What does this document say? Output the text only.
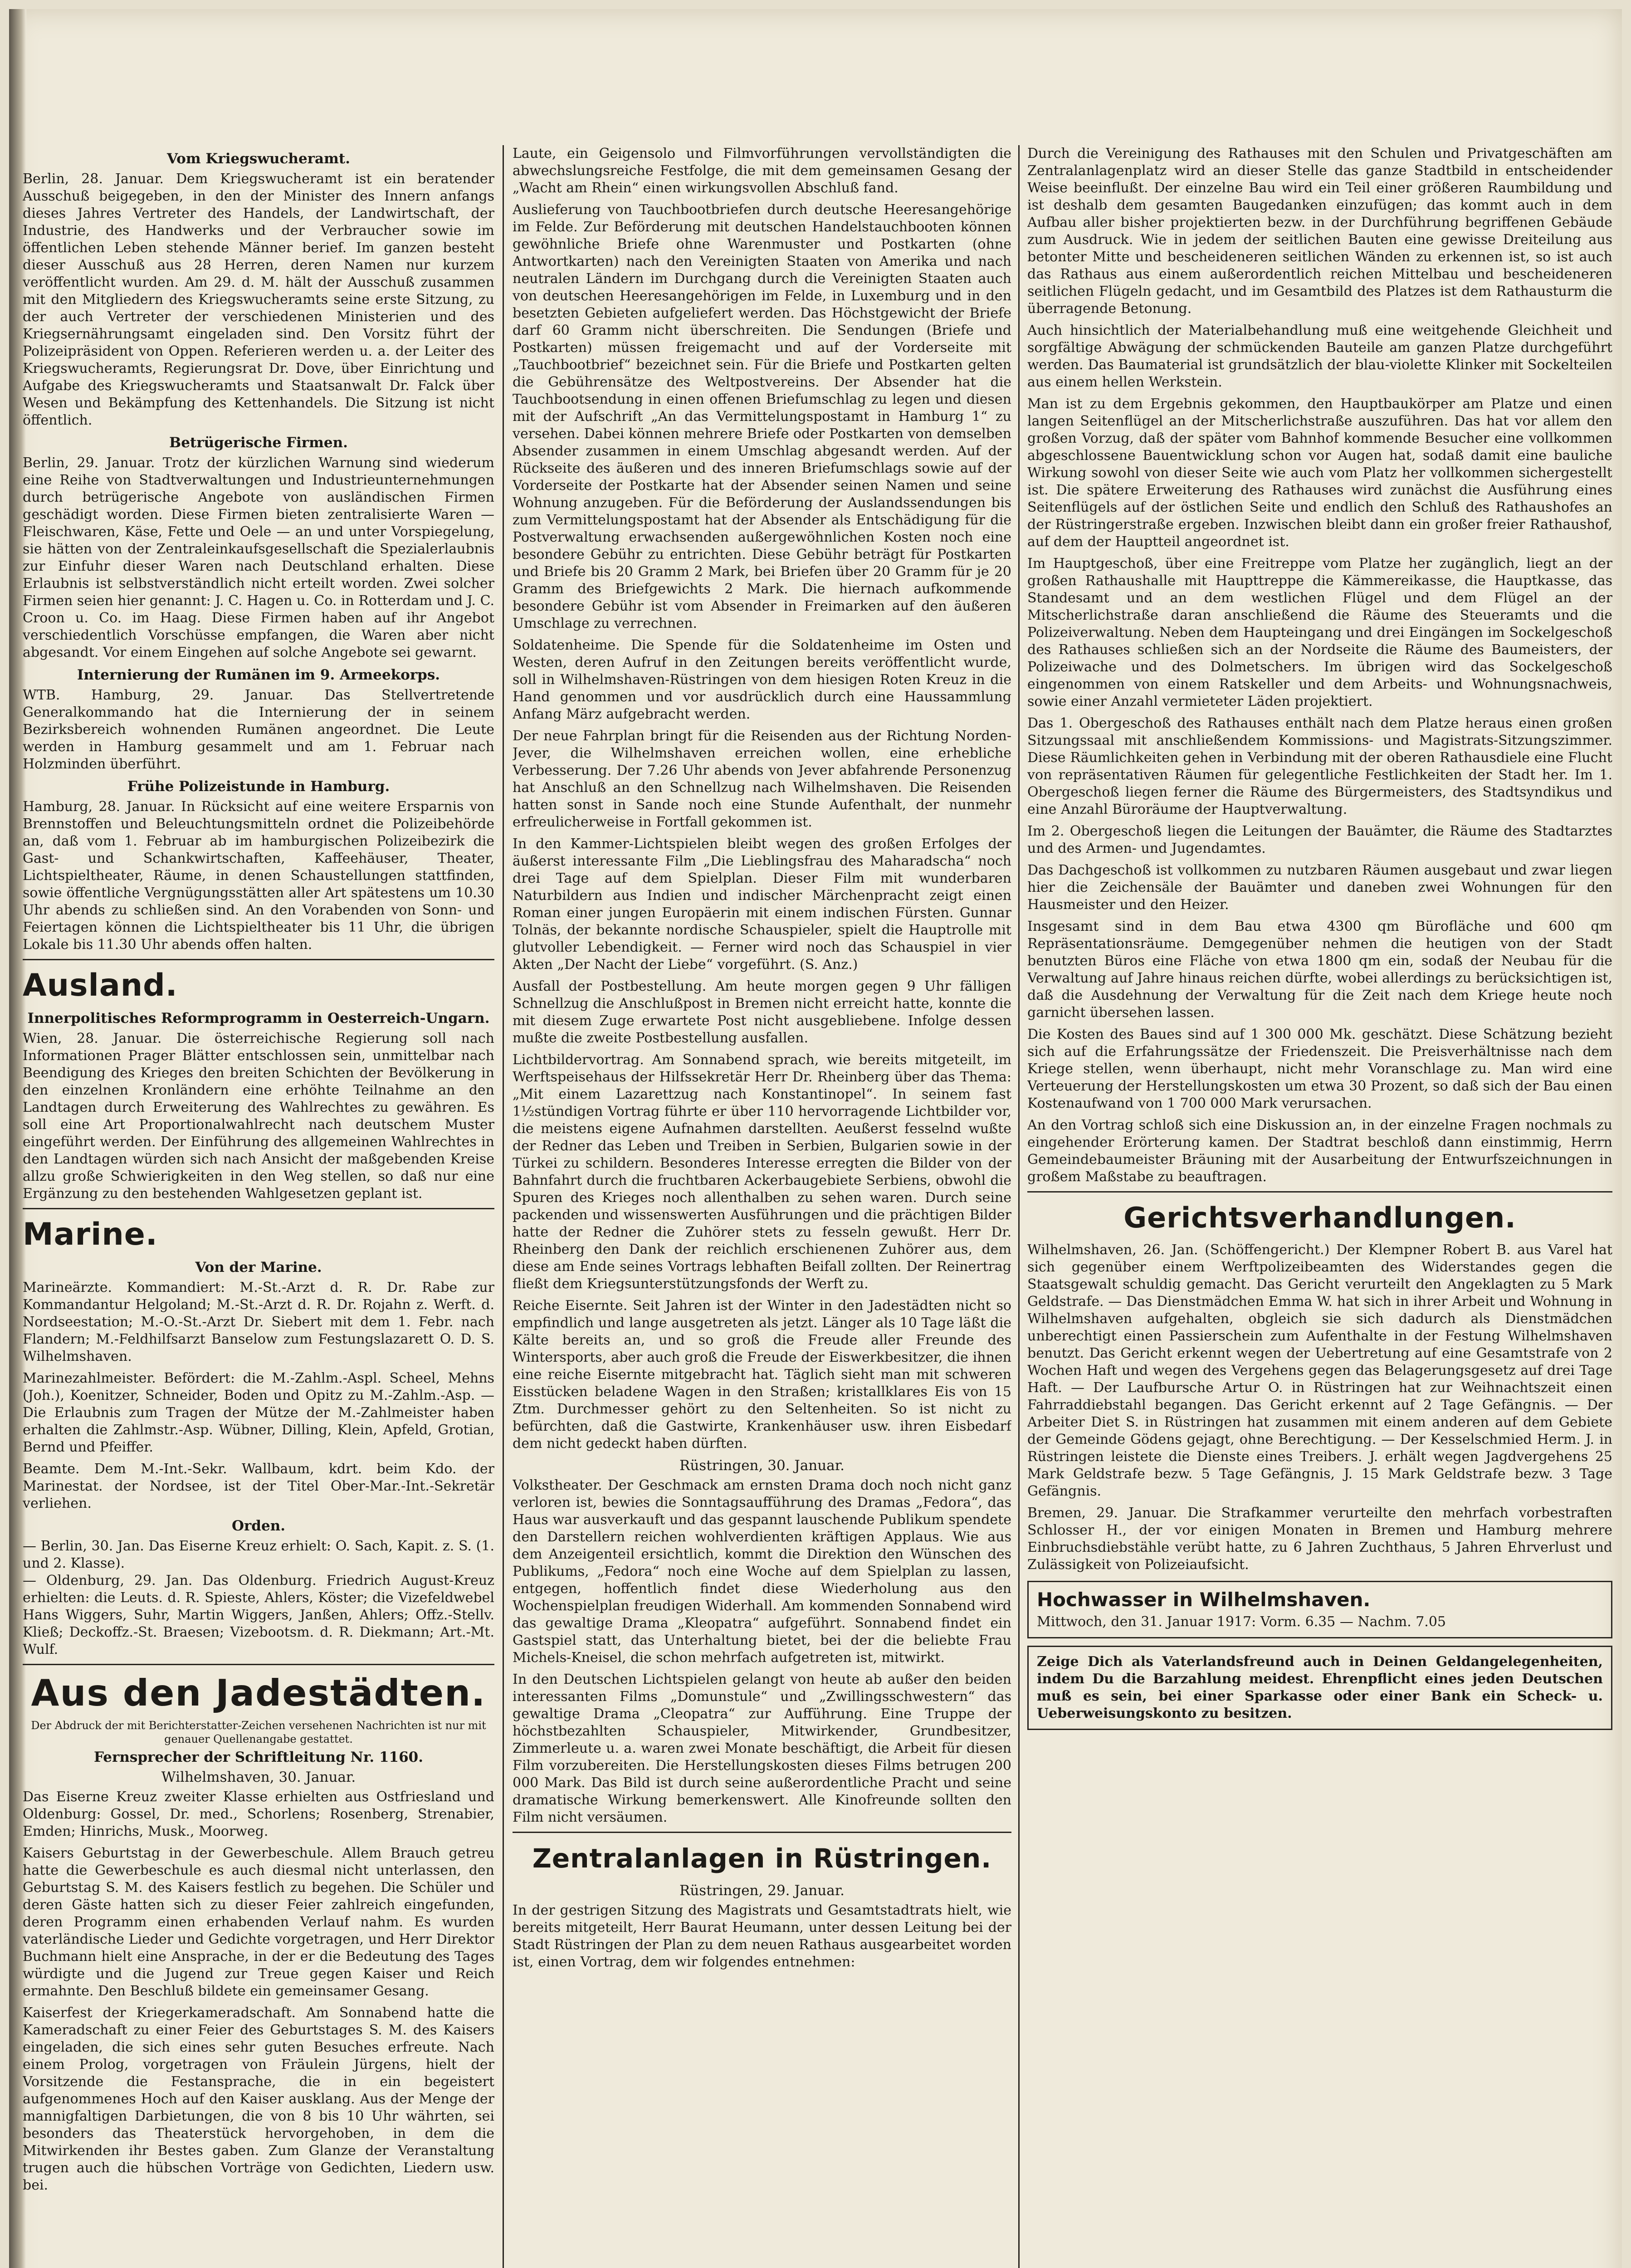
Vom Kriegswucheramt.

Berlin, 28. Januar. Dem Kriegswucheramt ist ein beratender Ausschuß beigegeben, in den der Minister des Innern anfangs dieses Jahres Vertreter des Handels, der Landwirtschaft, der Industrie, des Handwerks und der Verbraucher sowie im öffentlichen Leben stehende Männer berief. Im ganzen besteht dieser Ausschuß aus 28 Herren, deren Namen nur kurzem veröffentlicht wurden. Am 29. d. M. hält der Ausschuß zusammen mit den Mitgliedern des Kriegswucheramts seine erste Sitzung, zu der auch Vertreter der verschiedenen Ministerien und des Kriegsernährungsamt eingeladen sind. Den Vorsitz führt der Polizeipräsident von Oppen. Referieren werden u. a. der Leiter des Kriegswucheramts, Regierungsrat Dr. Dove, über Einrichtung und Aufgabe des Kriegswucheramts und Staatsanwalt Dr. Falck über Wesen und Bekämpfung des Kettenhandels. Die Sitzung ist nicht öffentlich.

Betrügerische Firmen.

Berlin, 29. Januar. Trotz der kürzlichen Warnung sind wiederum eine Reihe von Stadtverwaltungen und Industrieunternehmungen durch betrügerische Angebote von ausländischen Firmen geschädigt worden. Diese Firmen bieten zentralisierte Waren — Fleischwaren, Käse, Fette und Oele — an und unter Vorspiegelung, sie hätten von der Zentraleinkaufsgesellschaft die Spezialerlaubnis zur Einfuhr dieser Waren nach Deutschland erhalten. Diese Erlaubnis ist selbstverständlich nicht erteilt worden. Zwei solcher Firmen seien hier genannt: J. C. Hagen u. Co. in Rotterdam und J. C. Croon u. Co. im Haag. Diese Firmen haben auf ihr Angebot verschiedentlich Vorschüsse empfangen, die Waren aber nicht abgesandt. Vor einem Eingehen auf solche Angebote sei gewarnt.

Internierung der Rumänen im 9. Armeekorps.

WTB. Hamburg, 29. Januar. Das Stellvertretende Generalkommando hat die Internierung der in seinem Bezirksbereich wohnenden Rumänen angeordnet. Die Leute werden in Hamburg gesammelt und am 1. Februar nach Holzminden überführt.

Frühe Polizeistunde in Hamburg.

Hamburg, 28. Januar. In Rücksicht auf eine weitere Ersparnis von Brennstoffen und Beleuchtungsmitteln ordnet die Polizeibehörde an, daß vom 1. Februar ab im hamburgischen Polizeibezirk die Gast- und Schankwirtschaften, Kaffeehäuser, Theater, Lichtspieltheater, Räume, in denen Schaustellungen stattfinden, sowie öffentliche Vergnügungsstätten aller Art spätestens um 10.30 Uhr abends zu schließen sind. An den Vorabenden von Sonn- und Feiertagen können die Lichtspieltheater bis 11 Uhr, die übrigen Lokale bis 11.30 Uhr abends offen halten.

Ausland.
Innerpolitisches Reformprogramm in Oesterreich-Ungarn.

Wien, 28. Januar. Die österreichische Regierung soll nach Informationen Prager Blätter entschlossen sein, unmittelbar nach Beendigung des Krieges den breiten Schichten der Bevölkerung in den einzelnen Kronländern eine erhöhte Teilnahme an den Landtagen durch Erweiterung des Wahlrechtes zu gewähren. Es soll eine Art Proportionalwahlrecht nach deutschem Muster eingeführt werden. Der Einführung des allgemeinen Wahlrechtes in den Landtagen würden sich nach Ansicht der maßgebenden Kreise allzu große Schwierigkeiten in den Weg stellen, so daß nur eine Ergänzung zu den bestehenden Wahlgesetzen geplant ist.

Marine.
Von der Marine.

Marineärzte. Kommandiert: M.-St.-Arzt d. R. Dr. Rabe zur Kommandantur Helgoland; M.-St.-Arzt d. R. Dr. Rojahn z. Werft. d. Nordseestation; M.-O.-St.-Arzt Dr. Siebert mit dem 1. Febr. nach Flandern; M.-Feldhilfsarzt Banselow zum Festungslazarett O. D. S. Wilhelmshaven.

Marinezahlmeister. Befördert: die M.-Zahlm.-Aspl. Scheel, Mehns (Joh.), Koenitzer, Schneider, Boden und Opitz zu M.-Zahlm.-Asp. — Die Erlaubnis zum Tragen der Mütze der M.-Zahlmeister haben erhalten die Zahlmstr.-Asp. Wübner, Dilling, Klein, Apfeld, Grotian, Bernd und Pfeiffer.

Beamte. Dem M.-Int.-Sekr. Wallbaum, kdrt. beim Kdo. der Marinestat. der Nordsee, ist der Titel Ober-Mar.-Int.-Sekretär verliehen.

Orden.

— Berlin, 30. Jan. Das Eiserne Kreuz erhielt: O. Sach, Kapit. z. S. (1. und 2. Klasse).
— Oldenburg, 29. Jan. Das Oldenburg. Friedrich August-Kreuz erhielten: die Leuts. d. R. Spieste, Ahlers, Köster; die Vizefeldwebel Hans Wiggers, Suhr, Martin Wiggers, Janßen, Ahlers; Offz.-Stellv. Kließ; Deckoffz.-St. Braesen; Vizebootsm. d. R. Diekmann; Art.-Mt. Wulf.

Aus den Jadestädten.
Der Abdruck der mit Berichterstatter-Zeichen versehenen Nachrichten ist nur mit genauer Quellenangabe gestattet.
Fernsprecher der Schriftleitung Nr. 1160.
Wilhelmshaven, 30. Januar.

Das Eiserne Kreuz zweiter Klasse erhielten aus Ostfriesland und Oldenburg: Gossel, Dr. med., Schorlens; Rosenberg, Strenabier, Emden; Hinrichs, Musk., Moorweg.

Kaisers Geburtstag in der Gewerbeschule. Allem Brauch getreu hatte die Gewerbeschule es auch diesmal nicht unterlassen, den Geburtstag S. M. des Kaisers festlich zu begehen. Die Schüler und deren Gäste hatten sich zu dieser Feier zahlreich eingefunden, deren Programm einen erhabenden Verlauf nahm. Es wurden vaterländische Lieder und Gedichte vorgetragen, und Herr Direktor Buchmann hielt eine Ansprache, in der er die Bedeutung des Tages würdigte und die Jugend zur Treue gegen Kaiser und Reich ermahnte. Den Beschluß bildete ein gemeinsamer Gesang.

Kaiserfest der Kriegerkameradschaft. Am Sonnabend hatte die Kameradschaft zu einer Feier des Geburtstages S. M. des Kaisers eingeladen, die sich eines sehr guten Besuches erfreute. Nach einem Prolog, vorgetragen von Fräulein Jürgens, hielt der Vorsitzende die Festansprache, die in ein begeistert aufgenommenes Hoch auf den Kaiser ausklang. Aus der Menge der mannigfaltigen Darbietungen, die von 8 bis 10 Uhr währten, sei besonders das Theaterstück hervorgehoben, in dem die Mitwirkenden ihr Bestes gaben. Zum Glanze der Veranstaltung trugen auch die hübschen Vorträge von Gedichten, Liedern usw. bei.

Laute, ein Geigensolo und Filmvorführungen vervollständigten die abwechslungsreiche Festfolge, die mit dem gemeinsamen Gesang der „Wacht am Rhein“ einen wirkungsvollen Abschluß fand.

Auslieferung von Tauchbootbriefen durch deutsche Heeresangehörige im Felde. Zur Beförderung mit deutschen Handelstauchbooten können gewöhnliche Briefe ohne Warenmuster und Postkarten (ohne Antwortkarten) nach den Vereinigten Staaten von Amerika und nach neutralen Ländern im Durchgang durch die Vereinigten Staaten auch von deutschen Heeresangehörigen im Felde, in Luxemburg und in den besetzten Gebieten aufgeliefert werden. Das Höchstgewicht der Briefe darf 60 Gramm nicht überschreiten. Die Sendungen (Briefe und Postkarten) müssen freigemacht und auf der Vorderseite mit „Tauchbootbrief“ bezeichnet sein. Für die Briefe und Postkarten gelten die Gebührensätze des Weltpostvereins. Der Absender hat die Tauchbootsendung in einen offenen Briefumschlag zu legen und diesen mit der Aufschrift „An das Vermittelungspostamt in Hamburg 1“ zu versehen. Dabei können mehrere Briefe oder Postkarten von demselben Absender zusammen in einem Umschlag abgesandt werden. Auf der Rückseite des äußeren und des inneren Briefumschlags sowie auf der Vorderseite der Postkarte hat der Absender seinen Namen und seine Wohnung anzugeben. Für die Beförderung der Auslandssendungen bis zum Vermittelungspostamt hat der Absender als Entschädigung für die Postverwaltung erwachsenden außergewöhnlichen Kosten noch eine besondere Gebühr zu entrichten. Diese Gebühr beträgt für Postkarten und Briefe bis 20 Gramm 2 Mark, bei Briefen über 20 Gramm für je 20 Gramm des Briefgewichts 2 Mark. Die hiernach aufkommende besondere Gebühr ist vom Absender in Freimarken auf den äußeren Umschlage zu verrechnen.

Soldatenheime. Die Spende für die Soldatenheime im Osten und Westen, deren Aufruf in den Zeitungen bereits veröffentlicht wurde, soll in Wilhelmshaven-Rüstringen von dem hiesigen Roten Kreuz in die Hand genommen und vor ausdrücklich durch eine Haussammlung Anfang März aufgebracht werden.

Der neue Fahrplan bringt für die Reisenden aus der Richtung Norden-Jever, die Wilhelmshaven erreichen wollen, eine erhebliche Verbesserung. Der 7.26 Uhr abends von Jever abfahrende Personenzug hat Anschluß an den Schnellzug nach Wilhelmshaven. Die Reisenden hatten sonst in Sande noch eine Stunde Aufenthalt, der nunmehr erfreulicherweise in Fortfall gekommen ist.

In den Kammer-Lichtspielen bleibt wegen des großen Erfolges der äußerst interessante Film „Die Lieblingsfrau des Maharadscha“ noch drei Tage auf dem Spielplan. Dieser Film mit wunderbaren Naturbildern aus Indien und indischer Märchenpracht zeigt einen Roman einer jungen Europäerin mit einem indischen Fürsten. Gunnar Tolnäs, der bekannte nordische Schauspieler, spielt die Hauptrolle mit glutvoller Lebendigkeit. — Ferner wird noch das Schauspiel in vier Akten „Der Nacht der Liebe“ vorgeführt. (S. Anz.)

Ausfall der Postbestellung. Am heute morgen gegen 9 Uhr fälligen Schnellzug die Anschlußpost in Bremen nicht erreicht hatte, konnte die mit diesem Zuge erwartete Post nicht ausgebliebene. Infolge dessen mußte die zweite Postbestellung ausfallen.

Lichtbildervortrag. Am Sonnabend sprach, wie bereits mitgeteilt, im Werftspeisehaus der Hilfssekretär Herr Dr. Rheinberg über das Thema: „Mit einem Lazarettzug nach Konstantinopel“. In seinem fast 1½stündigen Vortrag führte er über 110 hervorragende Lichtbilder vor, die meistens eigene Aufnahmen darstellten. Aeußerst fesselnd wußte der Redner das Leben und Treiben in Serbien, Bulgarien sowie in der Türkei zu schildern. Besonderes Interesse erregten die Bilder von der Bahnfahrt durch die fruchtbaren Ackerbaugebiete Serbiens, obwohl die Spuren des Krieges noch allenthalben zu sehen waren. Durch seine packenden und wissenswerten Ausführungen und die prächtigen Bilder hatte der Redner die Zuhörer stets zu fesseln gewußt. Herr Dr. Rheinberg den Dank der reichlich erschienenen Zuhörer aus, dem diese am Ende seines Vortrags lebhaften Beifall zollten. Der Reinertrag fließt dem Kriegsunterstützungsfonds der Werft zu.

Reiche Eisernte. Seit Jahren ist der Winter in den Jadestädten nicht so empfindlich und lange ausgetreten als jetzt. Länger als 10 Tage läßt die Kälte bereits an, und so groß die Freude aller Freunde des Wintersports, aber auch groß die Freude der Eiswerkbesitzer, die ihnen eine reiche Eisernte mitgebracht hat. Täglich sieht man mit schweren Eisstücken beladene Wagen in den Straßen; kristallklares Eis von 15 Ztm. Durchmesser gehört zu den Seltenheiten. So ist nicht zu befürchten, daß die Gastwirte, Krankenhäuser usw. ihren Eisbedarf dem nicht gedeckt haben dürften.

Rüstringen, 30. Januar.

Volkstheater. Der Geschmack am ernsten Drama doch noch nicht ganz verloren ist, bewies die Sonntagsaufführung des Dramas „Fedora“, das Haus war ausverkauft und das gespannt lauschende Publikum spendete den Darstellern reichen wohlverdienten kräftigen Applaus. Wie aus dem Anzeigenteil ersichtlich, kommt die Direktion den Wünschen des Publikums, „Fedora“ noch eine Woche auf dem Spielplan zu lassen, entgegen, hoffentlich findet diese Wiederholung aus den Wochenspielplan freudigen Widerhall. Am kommenden Sonnabend wird das gewaltige Drama „Kleopatra“ aufgeführt. Sonnabend findet ein Gastspiel statt, das Unterhaltung bietet, bei der die beliebte Frau Michels-Kneisel, die schon mehrfach aufgetreten ist, mitwirkt.

In den Deutschen Lichtspielen gelangt von heute ab außer den beiden interessanten Films „Domunstule“ und „Zwillingsschwestern“ das gewaltige Drama „Cleopatra“ zur Aufführung. Eine Truppe der höchstbezahlten Schauspieler, Mitwirkender, Grundbesitzer, Zimmerleute u. a. waren zwei Monate beschäftigt, die Arbeit für diesen Film vorzubereiten. Die Herstellungskosten dieses Films betrugen 200 000 Mark. Das Bild ist durch seine außerordentliche Pracht und seine dramatische Wirkung bemerkenswert. Alle Kinofreunde sollten den Film nicht versäumen.

Zentralanlagen in Rüstringen.
Rüstringen, 29. Januar.

In der gestrigen Sitzung des Magistrats und Gesamtstadtrats hielt, wie bereits mitgeteilt, Herr Baurat Heumann, unter dessen Leitung bei der Stadt Rüstringen der Plan zu dem neuen Rathaus ausgearbeitet worden ist, einen Vortrag, dem wir folgendes entnehmen:

Durch die Vereinigung des Rathauses mit den Schulen und Privatgeschäften am Zentralanlagenplatz wird an dieser Stelle das ganze Stadtbild in entscheidender Weise beeinflußt. Der einzelne Bau wird ein Teil einer größeren Raumbildung und ist deshalb dem gesamten Baugedanken einzufügen; das kommt auch in dem Aufbau aller bisher projektierten bezw. in der Durchführung begriffenen Gebäude zum Ausdruck. Wie in jedem der seitlichen Bauten eine gewisse Dreiteilung aus betonter Mitte und bescheideneren seitlichen Wänden zu erkennen ist, so ist auch das Rathaus aus einem außerordentlich reichen Mittelbau und bescheideneren seitlichen Flügeln gedacht, und im Gesamtbild des Platzes ist dem Rathausturm die überragende Betonung.

Auch hinsichtlich der Materialbehandlung muß eine weitgehende Gleichheit und sorgfältige Abwägung der schmückenden Bauteile am ganzen Platze durchgeführt werden. Das Baumaterial ist grundsätzlich der blau-violette Klinker mit Sockelteilen aus einem hellen Werkstein.

Man ist zu dem Ergebnis gekommen, den Hauptbaukörper am Platze und einen langen Seitenflügel an der Mitscherlichstraße auszuführen. Das hat vor allem den großen Vorzug, daß der später vom Bahnhof kommende Besucher eine vollkommen abgeschlossene Bauentwicklung schon vor Augen hat, sodaß damit eine bauliche Wirkung sowohl von dieser Seite wie auch vom Platz her vollkommen sichergestellt ist. Die spätere Erweiterung des Rathauses wird zunächst die Ausführung eines Seitenflügels auf der östlichen Seite und endlich den Schluß des Rathaushofes an der Rüstringerstraße ergeben. Inzwischen bleibt dann ein großer freier Rathaushof, auf dem der Hauptteil angeordnet ist.

Im Hauptgeschoß, über eine Freitreppe vom Platze her zugänglich, liegt an der großen Rathaushalle mit Haupttreppe die Kämmereikasse, die Hauptkasse, das Standesamt und an dem westlichen Flügel und dem Flügel an der Mitscherlichstraße daran anschließend die Räume des Steueramts und die Polizeiverwaltung. Neben dem Haupteingang und drei Eingängen im Sockelgeschoß des Rathauses schließen sich an der Nordseite die Räume des Baumeisters, der Polizeiwache und des Dolmetschers. Im übrigen wird das Sockelgeschoß eingenommen von einem Ratskeller und dem Arbeits- und Wohnungsnachweis, sowie einer Anzahl vermieteter Läden projektiert.

Das 1. Obergeschoß des Rathauses enthält nach dem Platze heraus einen großen Sitzungssaal mit anschließendem Kommissions- und Magistrats-Sitzungszimmer. Diese Räumlichkeiten gehen in Verbindung mit der oberen Rathausdiele eine Flucht von repräsentativen Räumen für gelegentliche Festlichkeiten der Stadt her. Im 1. Obergeschoß liegen ferner die Räume des Bürgermeisters, des Stadtsyndikus und eine Anzahl Büroräume der Hauptverwaltung.

Im 2. Obergeschoß liegen die Leitungen der Bauämter, die Räume des Stadtarztes und des Armen- und Jugendamtes.

Das Dachgeschoß ist vollkommen zu nutzbaren Räumen ausgebaut und zwar liegen hier die Zeichensäle der Bauämter und daneben zwei Wohnungen für den Hausmeister und den Heizer.

Insgesamt sind in dem Bau etwa 4300 qm Bürofläche und 600 qm Repräsentationsräume. Demgegenüber nehmen die heutigen von der Stadt benutzten Büros eine Fläche von etwa 1800 qm ein, sodaß der Neubau für die Verwaltung auf Jahre hinaus reichen dürfte, wobei allerdings zu berücksichtigen ist, daß die Ausdehnung der Verwaltung für die Zeit nach dem Kriege heute noch garnicht übersehen lassen.

Die Kosten des Baues sind auf 1 300 000 Mk. geschätzt. Diese Schätzung bezieht sich auf die Erfahrungssätze der Friedenszeit. Die Preisverhältnisse nach dem Kriege stellen, wenn überhaupt, nicht mehr Voranschlage zu. Man wird eine Verteuerung der Herstellungskosten um etwa 30 Prozent, so daß sich der Bau einen Kostenaufwand von 1 700 000 Mark verursachen.

An den Vortrag schloß sich eine Diskussion an, in der einzelne Fragen nochmals zu eingehender Erörterung kamen. Der Stadtrat beschloß dann einstimmig, Herrn Gemeindebaumeister Bräuning mit der Ausarbeitung der Entwurfszeichnungen in großem Maßstabe zu beauftragen.

Gerichtsverhandlungen.

Wilhelmshaven, 26. Jan. (Schöffengericht.) Der Klempner Robert B. aus Varel hat sich gegenüber einem Werftpolizeibeamten des Widerstandes gegen die Staatsgewalt schuldig gemacht. Das Gericht verurteilt den Angeklagten zu 5 Mark Geldstrafe. — Das Dienstmädchen Emma W. hat sich in ihrer Arbeit und Wohnung in Wilhelmshaven aufgehalten, obgleich sie sich dadurch als Dienstmädchen unberechtigt einen Passierschein zum Aufenthalte in der Festung Wilhelmshaven benutzt. Das Gericht erkennt wegen der Uebertretung auf eine Gesamtstrafe von 2 Wochen Haft und wegen des Vergehens gegen das Belagerungsgesetz auf drei Tage Haft. — Der Laufbursche Artur O. in Rüstringen hat zur Weihnachtszeit einen Fahrraddiebstahl begangen. Das Gericht erkennt auf 2 Tage Gefängnis. — Der Arbeiter Diet S. in Rüstringen hat zusammen mit einem anderen auf dem Gebiete der Gemeinde Gödens gejagt, ohne Berechtigung. — Der Kesselschmied Herm. J. in Rüstringen leistete die Dienste eines Treibers. J. erhält wegen Jagdvergehens 25 Mark Geldstrafe bezw. 5 Tage Gefängnis, J. 15 Mark Geldstrafe bezw. 3 Tage Gefängnis.

Bremen, 29. Januar. Die Strafkammer verurteilte den mehrfach vorbestraften Schlosser H., der vor einigen Monaten in Bremen und Hamburg mehrere Einbruchsdiebstähle verübt hatte, zu 6 Jahren Zuchthaus, 5 Jahren Ehrverlust und Zulässigkeit von Polizeiaufsicht.

Hochwasser in Wilhelmshaven.

Mittwoch, den 31. Januar 1917: Vorm. 6.35 — Nachm. 7.05

Zeige Dich als Vaterlandsfreund auch in Deinen Geldangelegenheiten, indem Du die Barzahlung meidest. Ehrenpflicht eines jeden Deutschen muß es sein, bei einer Sparkasse oder einer Bank ein Scheck- u. Ueberweisungskonto zu besitzen.
